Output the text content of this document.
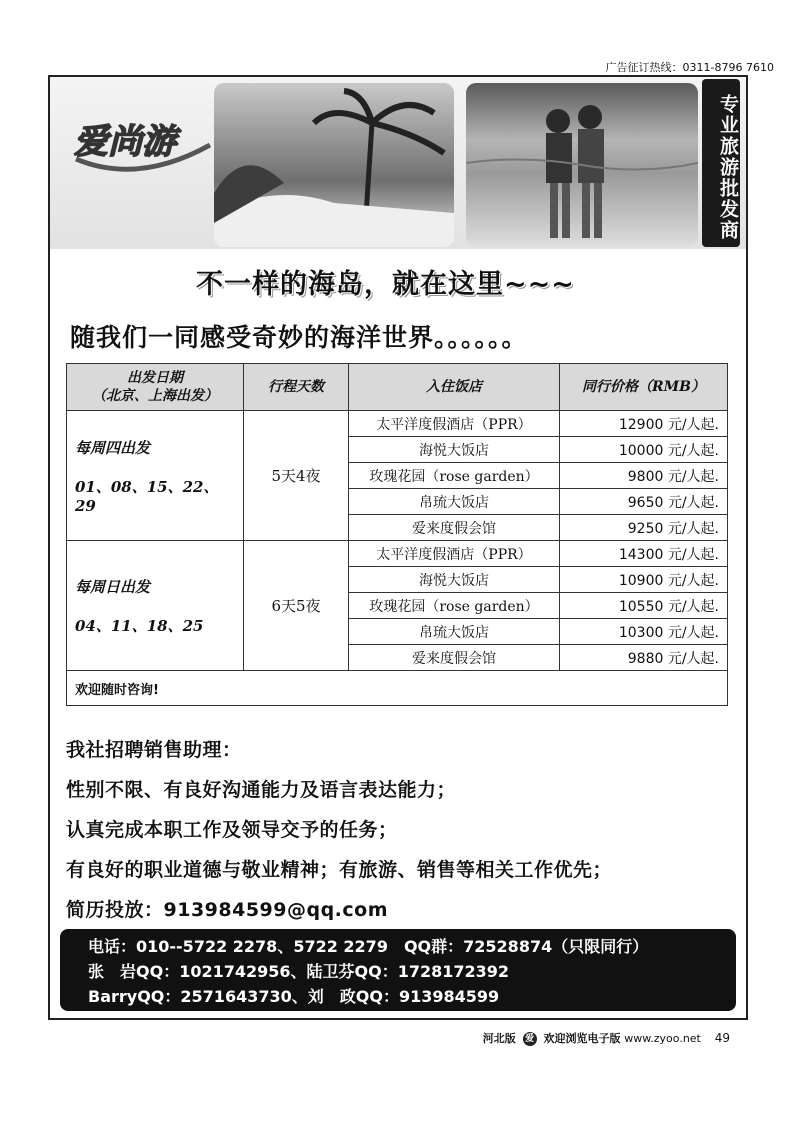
广告征订热线：0311-8796 7610
爱尚游	专业旅游批发商
不一样的海岛，就在这里~~~
随我们一同感受奇妙的海洋世界。。。。。。
出发日期
（北京、上海出发）	行程天数	入住饭店	同行价格（RMB）

每周四出发
01、08、15、22、29	5天4夜	太平洋度假酒店（PPR）	12900 元/人起.
		海悦大饭店	10000 元/人起.
		玫瑰花园（rose garden）	9800 元/人起.
		帛琉大饭店	9650 元/人起.
		爱来度假会馆	9250 元/人起.

每周日出发
04、11、18、25	6天5夜	太平洋度假酒店（PPR）	14300 元/人起.
		海悦大饭店	10900 元/人起.
		玫瑰花园（rose garden）	10550 元/人起.
		帛琉大饭店	10300 元/人起.
		爱来度假会馆	9880 元/人起.
欢迎随时咨询!			
我社招聘销售助理：
性别不限、有良好沟通能力及语言表达能力；
认真完成本职工作及领导交予的任务；
有良好的职业道德与敬业精神；有旅游、销售等相关工作优先；
简历投放：913984599@qq.com
电话：010--5722 2278、5722 2279　QQ群：72528874（只限同行）
张　岩QQ：1021742956、陆卫芬QQ：1728172392
BarryQQ：2571643730、刘　政QQ：913984599
河北版 爱 欢迎浏览电子版 www.zyoo.net 49
